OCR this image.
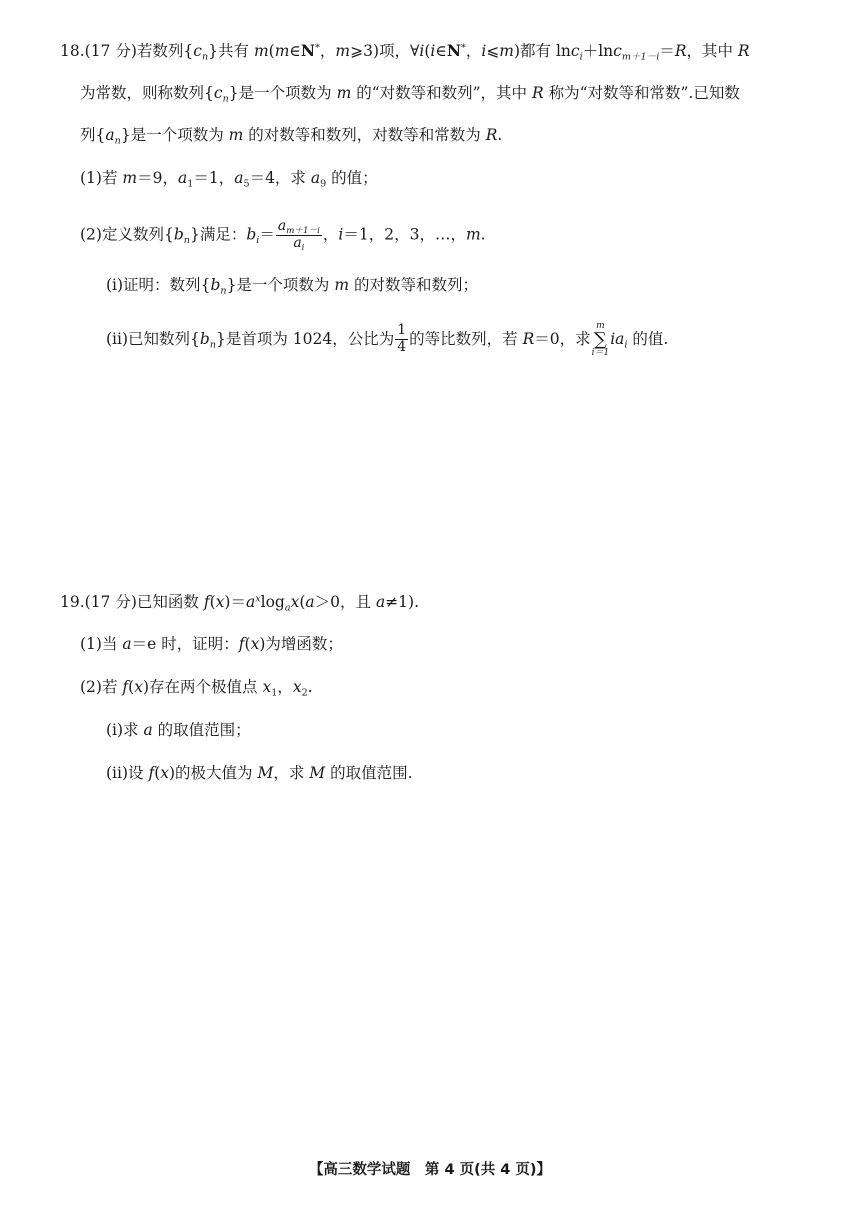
18.(17 分)若数列$\{c_n\}$共有 m(m∈N*，m⩾3)项，∀i(i∈N*，i⩽m)都有 lnc$_i$＋lnc$_{m+1-i}$＝R，其中 R
为常数，则称数列$\{c_n\}$是一个项数为 m 的“对数等和数列”，其中 R 称为“对数等和常数”.已知数
列$\{a_n\}$是一个项数为 m 的对数等和数列，对数等和常数为 R.
(1)若 m＝9，$a_1=1$，$a_5=4$，求 $a_9$ 的值；
(2)定义数列$\{b_n\}$满足：$b_i= \frac{a_{m+1-i}}{a_i}$ ，i＝1，2，3，…，m.
(i)证明：数列$\{b_n\}$是一个项数为 m 的对数等和数列；
(ii)已知数列$\{b_n\}$是首项为 1024，公比为 $\frac{1}{4}$ 的等比数列，若 R＝0，求
m
∑
i＝1
$ia_i$ 的值.
19.(17 分)已知函数 $f(x)=a^x\log_ax(a>0$，且 a≠1).
(1)当 a＝e 时，证明：f(x)为增函数；
(2)若 f(x)存在两个极值点 $x_1$，$x_2$.
(i)求 a 的取值范围；
(ii)设 f(x)的极大值为 M，求 M 的取值范围.
【高三数学试题　第 4 页(共 4 页)】
